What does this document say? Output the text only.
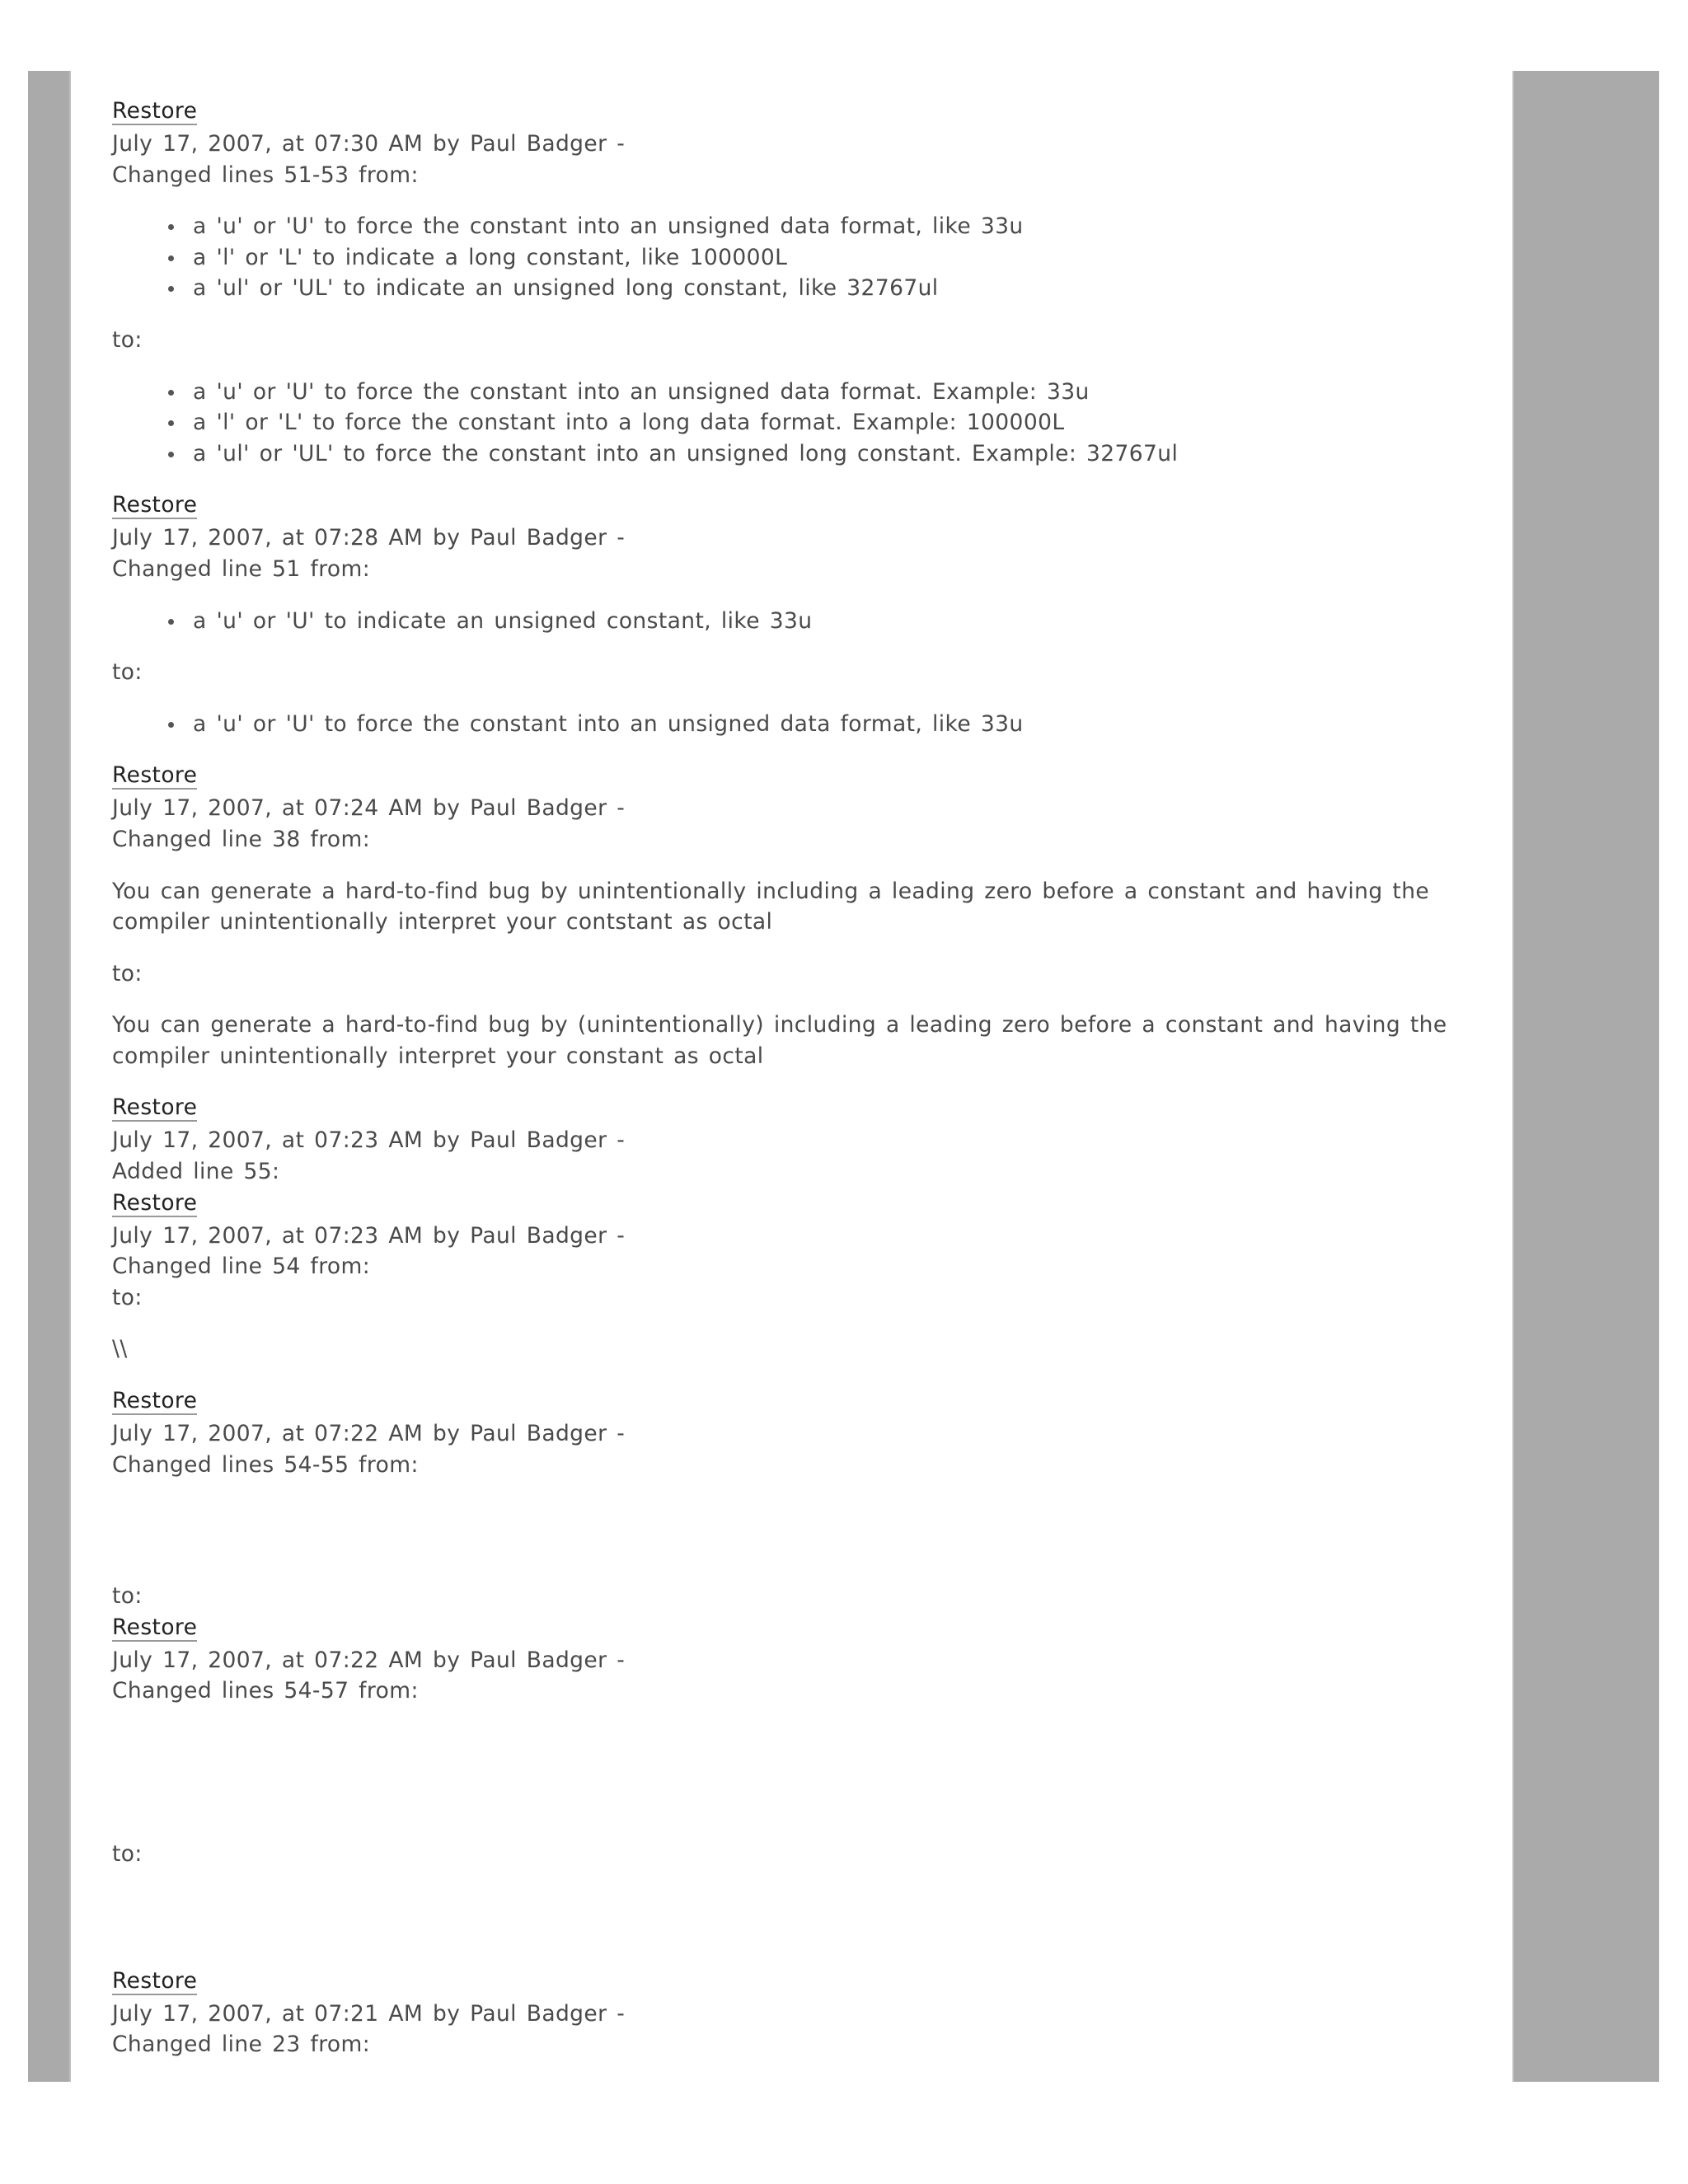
Restore
July 17, 2007, at 07:30 AM by Paul Badger -
Changed lines 51-53 from:
a 'u' or 'U' to force the constant into an unsigned data format, like 33u
a 'l' or 'L' to indicate a long constant, like 100000L
a 'ul' or 'UL' to indicate an unsigned long constant, like 32767ul

to:

a 'u' or 'U' to force the constant into an unsigned data format. Example: 33u
a 'l' or 'L' to force the constant into a long data format. Example: 100000L
a 'ul' or 'UL' to force the constant into an unsigned long constant. Example: 32767ul
Restore
July 17, 2007, at 07:28 AM by Paul Badger -
Changed line 51 from:
a 'u' or 'U' to indicate an unsigned constant, like 33u

to:

a 'u' or 'U' to force the constant into an unsigned data format, like 33u
Restore
July 17, 2007, at 07:24 AM by Paul Badger -
Changed line 38 from:

You can generate a hard-to-find bug by unintentionally including a leading zero before a constant and having the compiler unintentionally interpret your contstant as octal

to:

You can generate a hard-to-find bug by (unintentionally) including a leading zero before a constant and having the compiler unintentionally interpret your constant as octal

Restore
July 17, 2007, at 07:23 AM by Paul Badger -
Added line 55:
Restore
July 17, 2007, at 07:23 AM by Paul Badger -
Changed line 54 from:
to:

\\

Restore
July 17, 2007, at 07:22 AM by Paul Badger -
Changed lines 54-55 from:
to:
Restore
July 17, 2007, at 07:22 AM by Paul Badger -
Changed lines 54-57 from:
to:
Restore
July 17, 2007, at 07:21 AM by Paul Badger -
Changed line 23 from:
